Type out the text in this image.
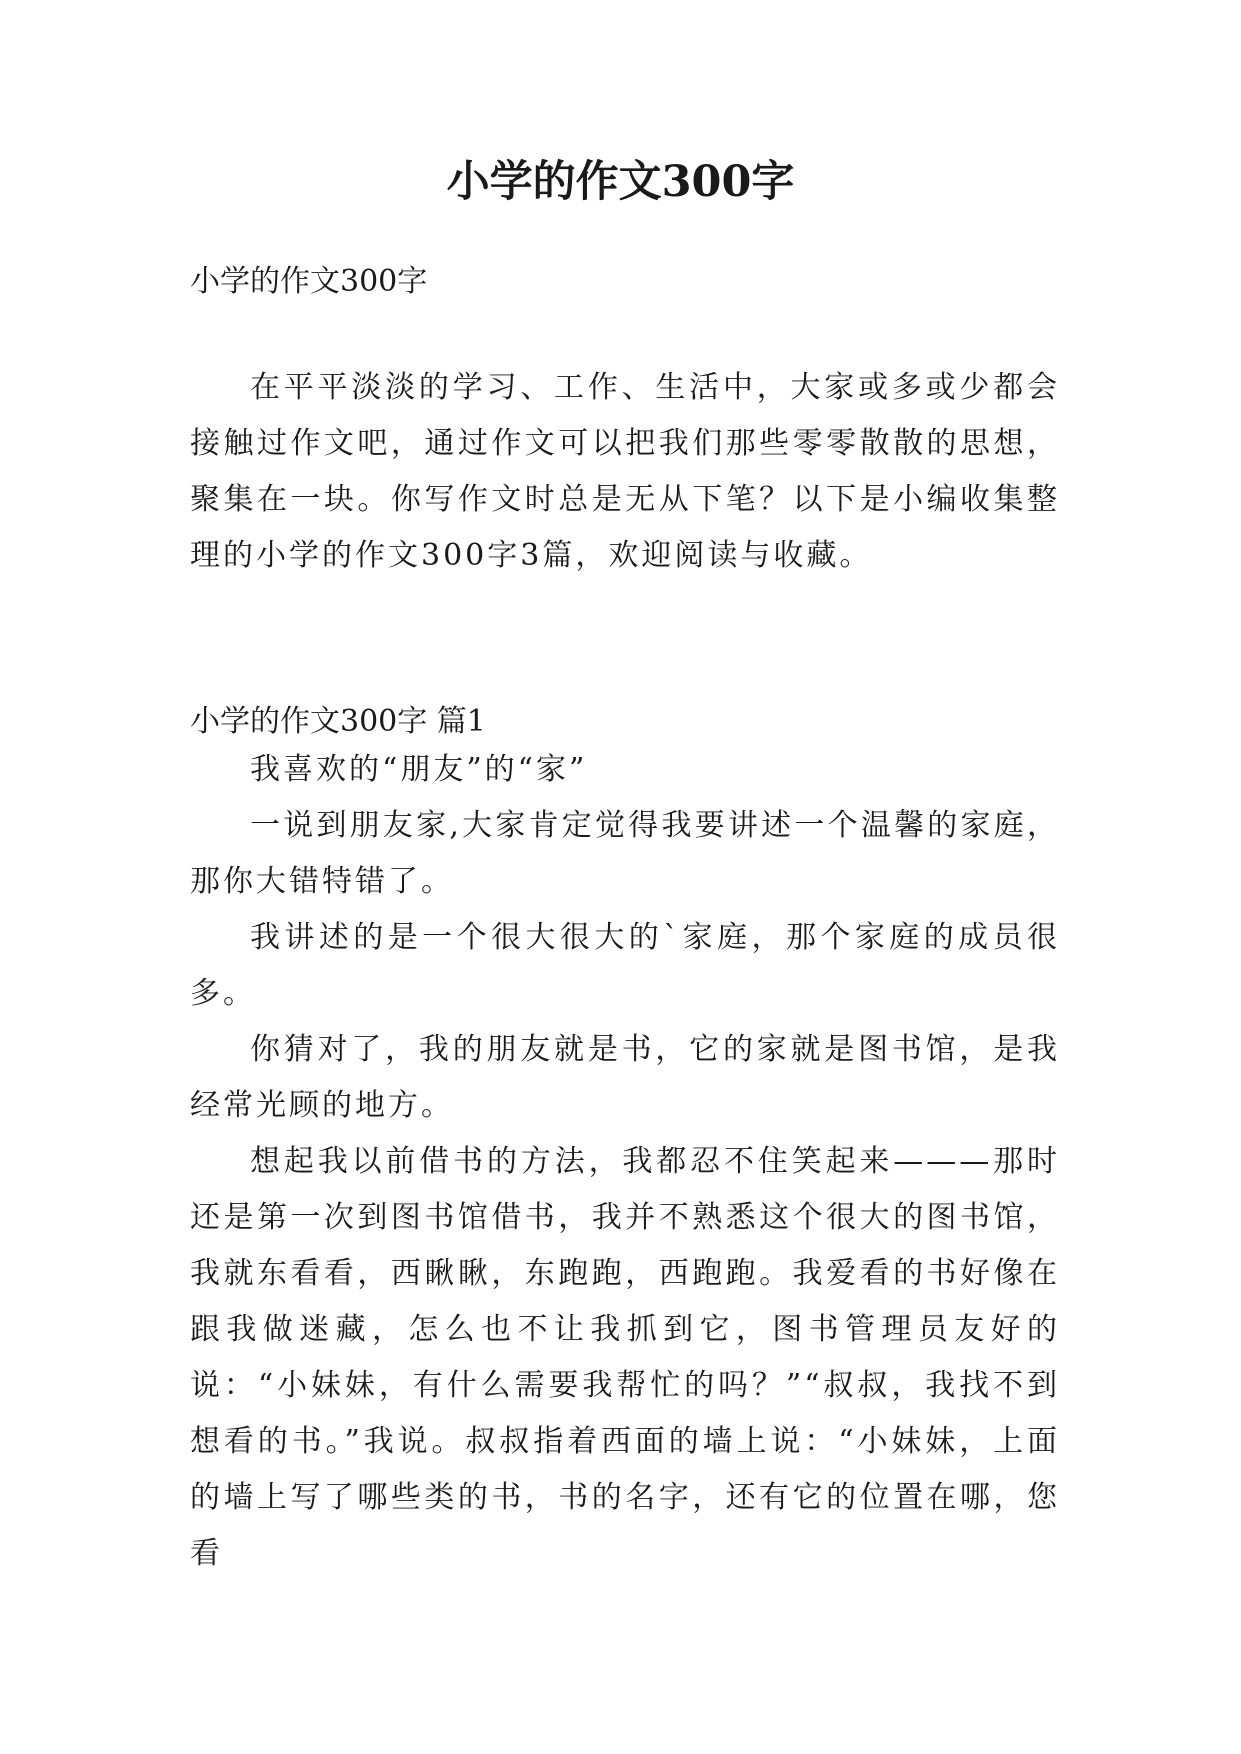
小学的作文300字
小学的作文300字

在平平淡淡的学习、工作、生活中，大家或多或少都会接触过作文吧，通过作文可以把我们那些零零散散的思想，聚集在一块。你写作文时总是无从下笔？以下是小编收集整理的小学的作文300字3篇，欢迎阅读与收藏。

小学的作文300字 篇1

我喜欢的“朋友”的“家”

一说到朋友家,大家肯定觉得我要讲述一个温馨的家庭，那你大错特错了。

我讲述的是一个很大很大的`家庭，那个家庭的成员很多。

你猜对了，我的朋友就是书，它的家就是图书馆，是我经常光顾的地方。

想起我以前借书的方法，我都忍不住笑起来———那时还是第一次到图书馆借书，我并不熟悉这个很大的图书馆，我就东看看，西瞅瞅，东跑跑，西跑跑。我爱看的书好像在跟我做迷藏，怎么也不让我抓到它，图书管理员友好的说：“小妹妹，有什么需要我帮忙的吗？”“叔叔，我找不到想看的书。”我说。叔叔指着西面的墙上说：“小妹妹，上面的墙上写了哪些类的书，书的名字，还有它的位置在哪，您看
